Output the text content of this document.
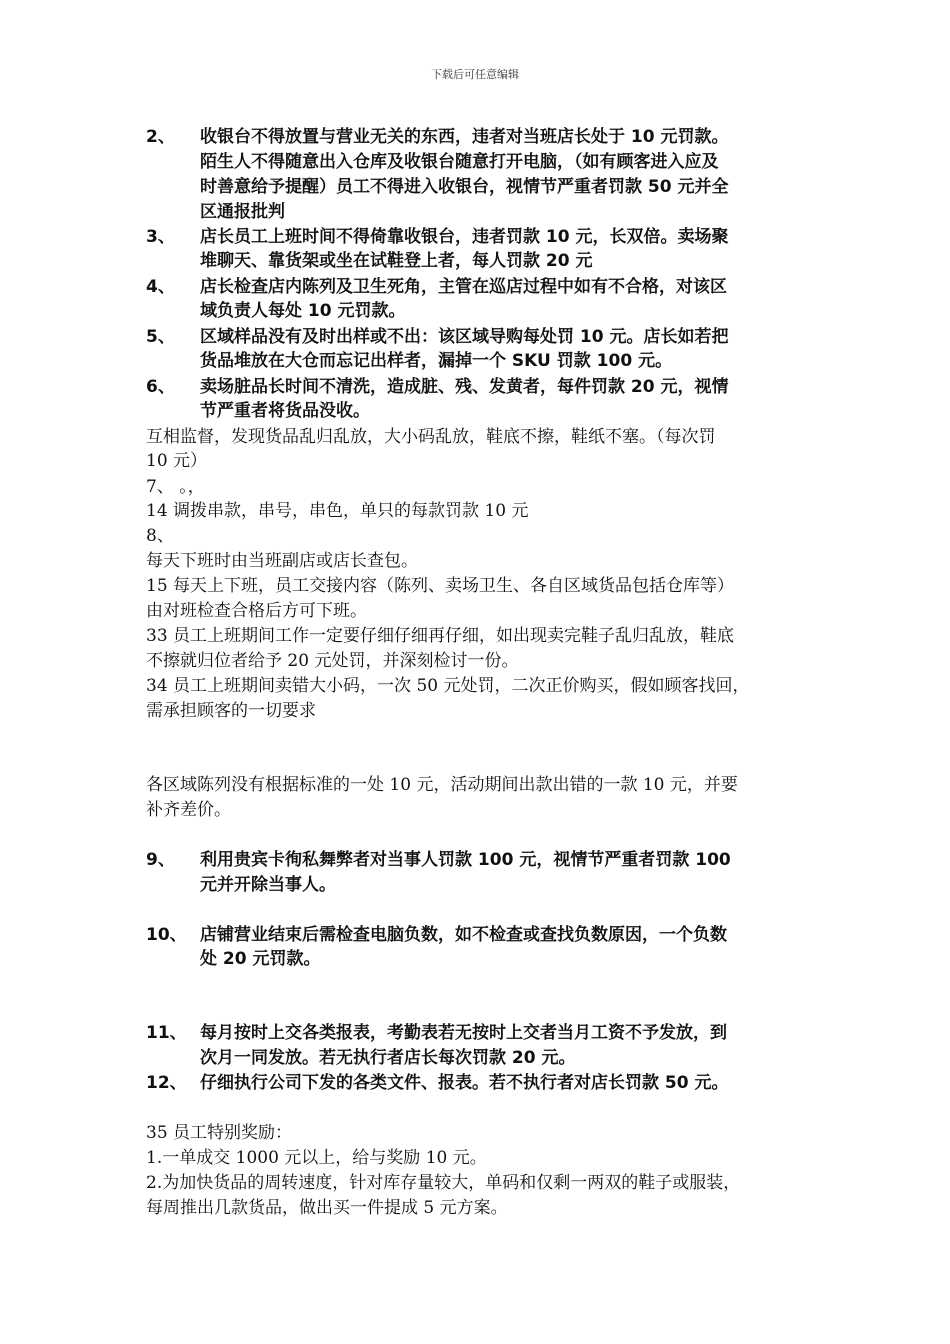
下载后可任意编辑
2、 收银台不得放置与营业无关的东西，违者对当班店长处于 10 元罚款。
陌生人不得随意出入仓库及收银台随意打开电脑，（如有顾客进入应及
时善意给予提醒）员工不得进入收银台，视情节严重者罚款 50 元并全
区通报批判
3、 店长员工上班时间不得倚靠收银台，违者罚款 10 元，长双倍。卖场聚
堆聊天、靠货架或坐在试鞋登上者，每人罚款 20 元
4、 店长检查店内陈列及卫生死角，主管在巡店过程中如有不合格，对该区
域负责人每处 10 元罚款。
5、 区域样品没有及时出样或不出：该区域导购每处罚 10 元。店长如若把
货品堆放在大仓而忘记出样者，漏掉一个 SKU 罚款 100 元。
6、 卖场脏品长时间不清洗，造成脏、残、发黄者，每件罚款 20 元，视情
节严重者将货品没收。
互相监督，发现货品乱归乱放，大小码乱放，鞋底不擦，鞋纸不塞。（每次罚
10 元）
7、 。，
14 调拨串款，串号，串色，单只的每款罚款 10 元
8、
每天下班时由当班副店或店长查包。
15 每天上下班，员工交接内容（陈列、卖场卫生、各自区域货品包括仓库等）
由对班检查合格后方可下班。
33 员工上班期间工作一定要仔细仔细再仔细，如出现卖完鞋子乱归乱放，鞋底
不擦就归位者给予 20 元处罚，并深刻检讨一份。
34 员工上班期间卖错大小码，一次 50 元处罚，二次正价购买，假如顾客找回，
需承担顾客的一切要求
各区域陈列没有根据标准的一处 10 元，活动期间出款出错的一款 10 元，并要
补齐差价。
9、 利用贵宾卡徇私舞弊者对当事人罚款 100 元，视情节严重者罚款 100
元并开除当事人。
10、 店铺营业结束后需检查电脑负数，如不检查或查找负数原因，一个负数
处 20 元罚款。
11、 每月按时上交各类报表，考勤表若无按时上交者当月工资不予发放，到
次月一同发放。若无执行者店长每次罚款 20 元。
12、 仔细执行公司下发的各类文件、报表。若不执行者对店长罚款 50 元。
35 员工特别奖励：
1.一单成交 1000 元以上，给与奖励 10 元。
2.为加快货品的周转速度，针对库存量较大，单码和仅剩一两双的鞋子或服装，
每周推出几款货品，做出买一件提成 5 元方案。
